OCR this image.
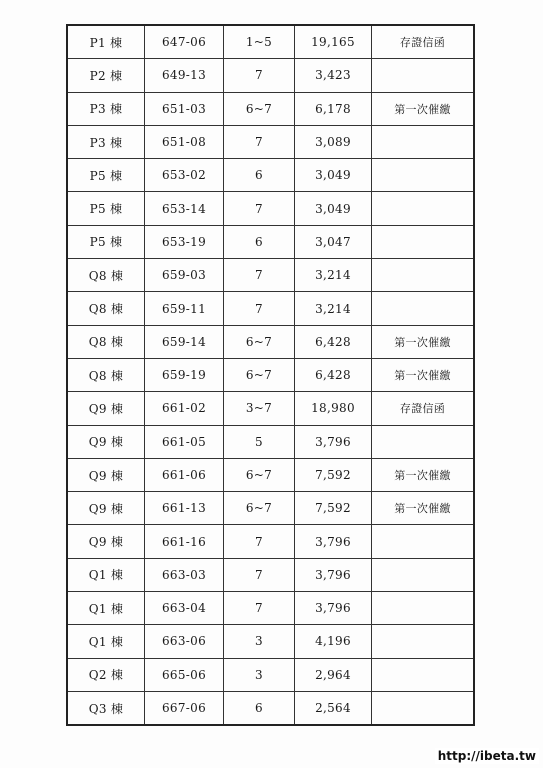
P1 棟	647-06	1~5	19,165	存證信函
P2 棟	649-13	7	3,423	
P3 棟	651-03	6~7	6,178	第一次催繳
P3 棟	651-08	7	3,089	
P5 棟	653-02	6	3,049	
P5 棟	653-14	7	3,049	
P5 棟	653-19	6	3,047	
Q8 棟	659-03	7	3,214	
Q8 棟	659-11	7	3,214	
Q8 棟	659-14	6~7	6,428	第一次催繳
Q8 棟	659-19	6~7	6,428	第一次催繳
Q9 棟	661-02	3~7	18,980	存證信函
Q9 棟	661-05	5	3,796	
Q9 棟	661-06	6~7	7,592	第一次催繳
Q9 棟	661-13	6~7	7,592	第一次催繳
Q9 棟	661-16	7	3,796	
Q1 棟	663-03	7	3,796	
Q1 棟	663-04	7	3,796	
Q1 棟	663-06	3	4,196	
Q2 棟	665-06	3	2,964	
Q3 棟	667-06	6	2,564	
http://ibeta.tw
